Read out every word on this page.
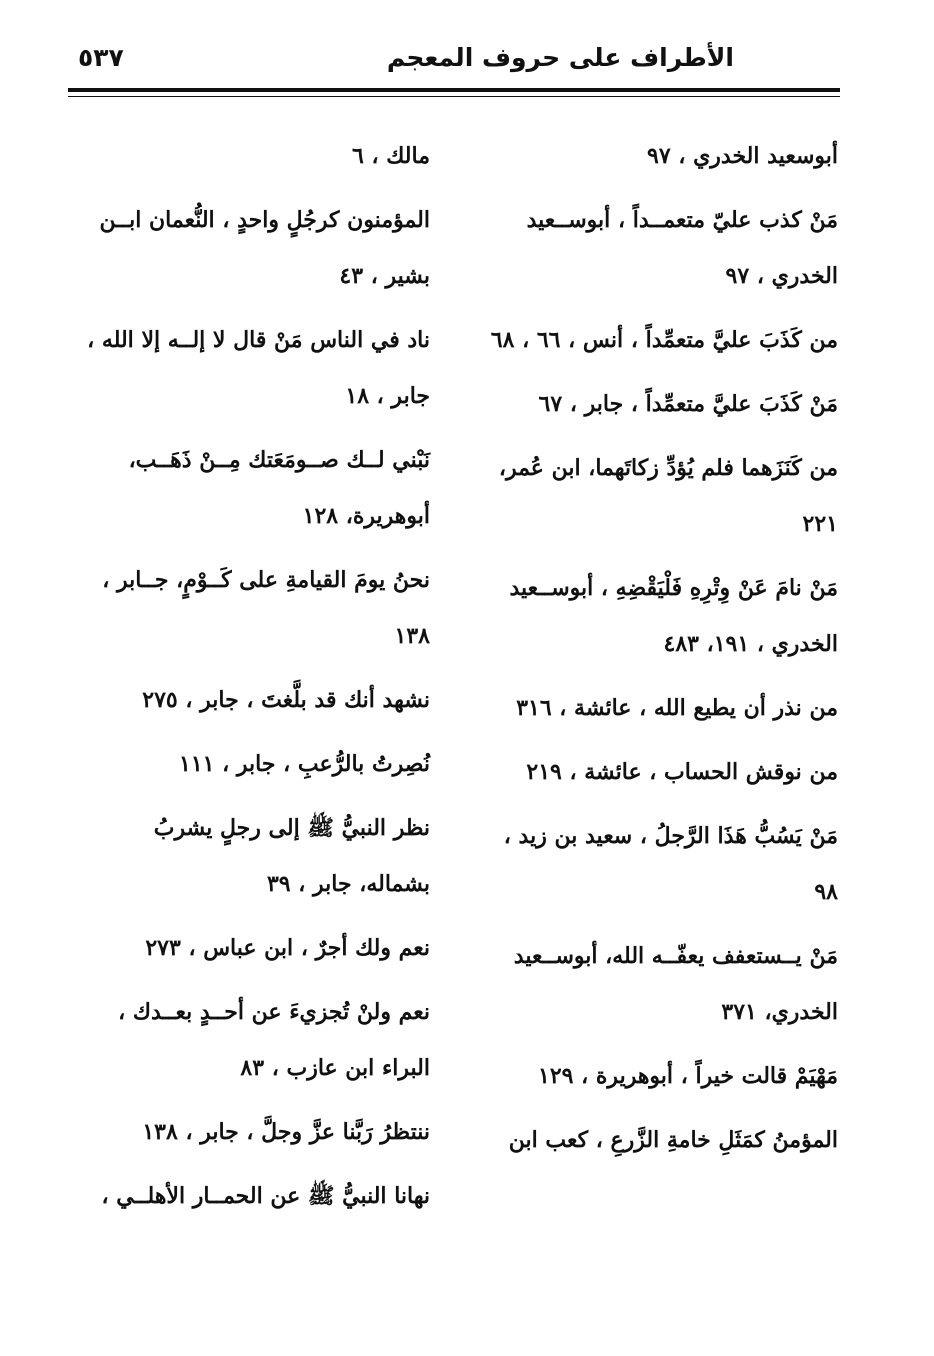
الأطراف على حروف المعجم
٥٣٧
أبوسعيد الخدري ، ٩٧
مَنْ كذب عليّ متعمــداً ، أبوســعيد الخدري ، ٩٧
من كَذَبَ عليَّ متعمِّداً ، أنس ، ٦٦ ، ٦٨
مَنْ كَذَبَ عليَّ متعمِّداً ، جابر ، ٦٧
من كَنَزَهما فلم يُؤدِّ زكاتَهما، ابن عُمر، ٢٢١
مَنْ نامَ عَنْ وِتْرِهِ فَلْيَقْضِهِ ، أبوســعيد الخدري ، ١٩١، ٤٨٣
من نذر أن يطيع الله ، عائشة ، ٣١٦
من نوقش الحساب ، عائشة ، ٢١٩
مَنْ يَسُبُّ هَذَا الرَّجلُ ، سعيد بن زيد ، ٩٨
مَنْ يــستعفف يعفّــه الله، أبوســعيد الخدري، ٣٧١
مَهْيَمْ قالت خيراً ، أبوهريرة ، ١٢٩
المؤمنُ كمَثَلِ خامةِ الزَّرعِ ، كعب ابن
مالك ، ٦
المؤمنون كرجُلٍ واحدٍ ، النُّعمان ابــن بشير ، ٤٣
ناد في الناس مَنْ قال لا إلــه إلا الله ، جابر ، ١٨
نَبْني لــك صــومَعَتك مِــنْ ذَهَــب، أبوهريرة، ١٢٨
نحنُ يومَ القيامةِ على كَــوْمٍ، جــابر ، ١٣٨
نشهد أنك قد بلَّغتَ ، جابر ، ٢٧٥
نُصِرتُ بالرُّعبِ ، جابر ، ١١١
نظر النبيُّ ﷺ إلى رجلٍ يشربُ بشماله، جابر ، ٣٩
نعم ولك أجرٌ ، ابن عباس ، ٢٧٣
نعم ولنْ تُجزيءَ عن أحــدٍ بعــدك ، البراء ابن عازب ، ٨٣
ننتظرُ رَبَّنا عزَّ وجلَّ ، جابر ، ١٣٨
نهانا النبيُّ ﷺ عن الحمــار الأهلــي ،
